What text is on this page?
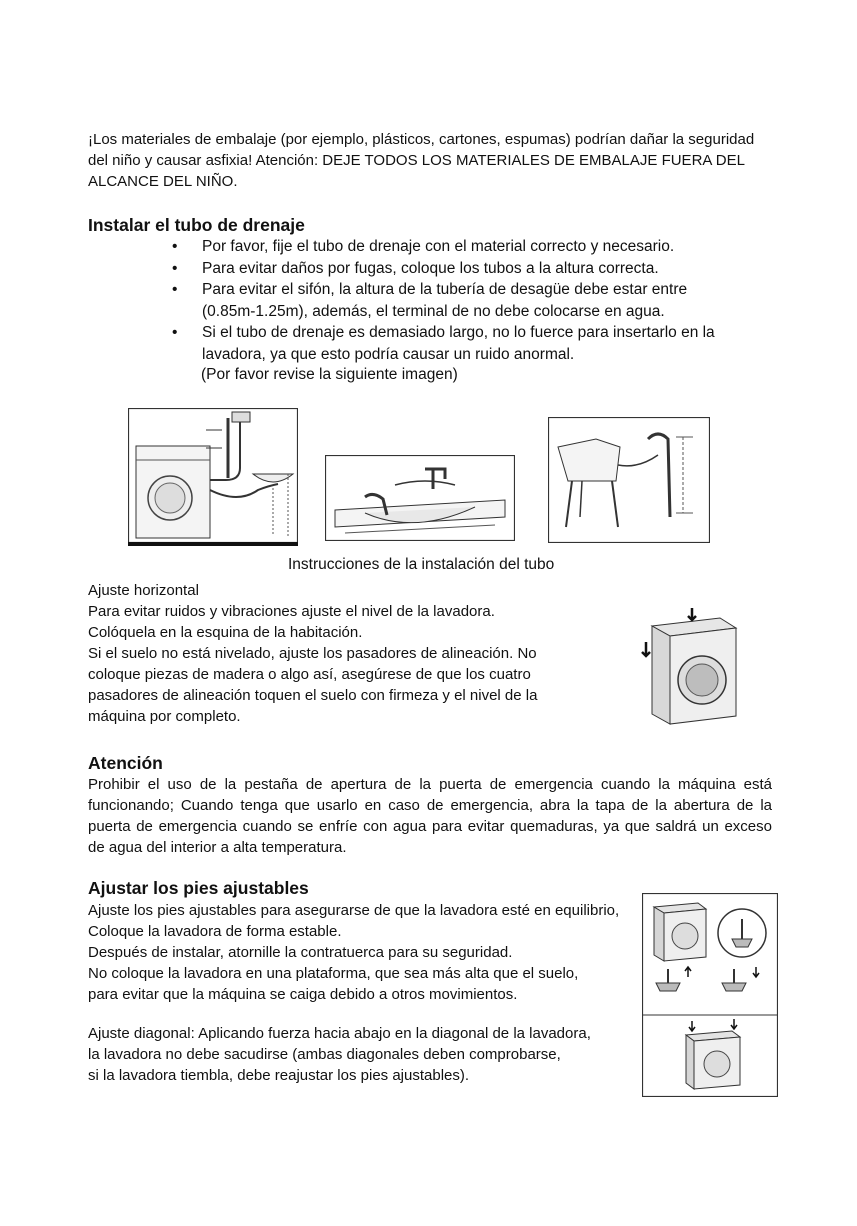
¡Los materiales de embalaje (por ejemplo, plásticos, cartones, espumas) podrían dañar la seguridad

del niño y causar asfixia! Atención: DEJE TODOS LOS MATERIALES DE EMBALAJE FUERA DEL

ALCANCE DEL NIÑO.

Instalar el tubo de drenaje
• Por favor, fije el tubo de drenaje con el material correcto y necesario.
• Para evitar daños por fugas, coloque los tubos a la altura correcta.
• Para evitar el sifón, la altura de la tubería de desagüe debe estar entre
(0.85m-1.25m), además, el terminal de no debe colocarse en agua.
• Si el tubo de drenaje es demasiado largo, no lo fuerce para insertarlo en la
lavadora, ya que esto podría causar un ruido anormal.
(Por favor revise la siguiente imagen)
Instrucciones de la instalación del tubo

Ajuste horizontal

Para evitar ruidos y vibraciones ajuste el nivel de la lavadora.

Colóquela en la esquina de la habitación.

Si el suelo no está nivelado, ajuste los pasadores de alineación. No

coloque piezas de madera o algo así, asegúrese de que los cuatro

pasadores de alineación toquen el suelo con firmeza y el nivel de la

máquina por completo.

Atención

Prohibir el uso de la pestaña de apertura de la puerta de emergencia cuando la máquina está

funcionando; Cuando tenga que usarlo en caso de emergencia, abra la tapa de la abertura de la

puerta de emergencia cuando se enfríe con agua para evitar quemaduras, ya que saldrá un exceso

de agua del interior a alta temperatura.

Ajustar los pies ajustables

Ajuste los pies ajustables para asegurarse de que la lavadora esté en equilibrio,

Coloque la lavadora de forma estable.

Después de instalar, atornille la contratuerca para su seguridad.

No coloque la lavadora en una plataforma, que sea más alta que el suelo,

para evitar que la máquina se caiga debido a otros movimientos.

Ajuste diagonal: Aplicando fuerza hacia abajo en la diagonal de la lavadora,

la lavadora no debe sacudirse (ambas diagonales deben comprobarse,

si la lavadora tiembla, debe reajustar los pies ajustables).
